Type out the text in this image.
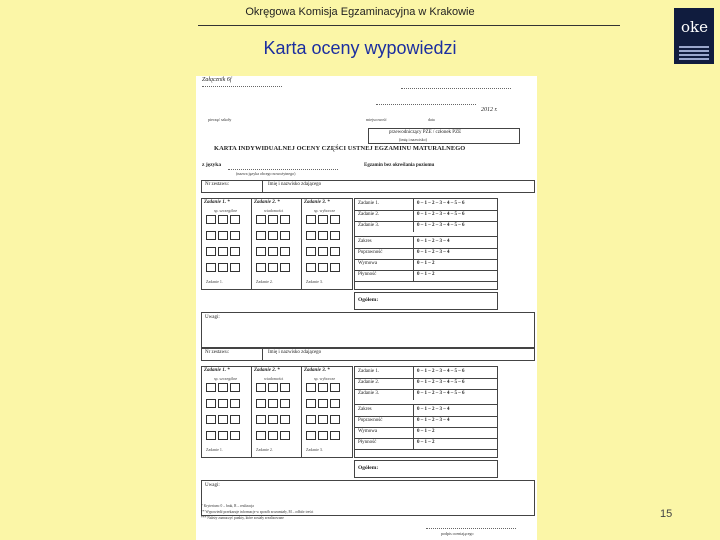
Okręgowa Komisja Egzaminacyjna w Krakowie
Karta oceny wypowiedzi
oke
Załącznik 6f
2012 r.
pieczęć szkoły	miejscowość	data
przewodniczący PZE / członek PZE
(imię i nazwisko)
KARTA INDYWIDUALNEJ OCENY CZĘŚCI USTNEJ EGZAMINU MATURALNEGO
z języka
(nazwa języka obcego nowożytnego)
Egzamin bez określania poziomu
Nr zestawu:	Imię i nazwisko zdającego
Zadanie 1. *
sp. szczególne
Zadanie 1.
Zadanie 2. *
wiadomości
Zadanie 2.
Zadanie 3. *
sp. wyborcze
Zadanie 3.
Zadanie 1.	0 – 1 – 2 – 3 – 4 – 5 – 6
Zadanie 2.	0 – 1 – 2 – 3 – 4 – 5 – 6
Zadanie 3.	0 – 1 – 2 – 3 – 4 – 5 – 6
Zakres	0 – 1 – 2 – 3 – 4
Poprawność	0 – 1 – 2 – 3 – 4
Wymowa	0 – 1 – 2
Płynność	0 – 1 – 2
Ogółem:
Uwagi:
Nr zestawu:	Imię i nazwisko zdającego
Zadanie 1. *
sp. szczególne
Zadanie 1.
Zadanie 2. *
wiadomości
Zadanie 2.
Zadanie 3. *
sp. wyborcze
Zadanie 3.
Zadanie 1.	0 – 1 – 2 – 3 – 4 – 5 – 6
Zadanie 2.	0 – 1 – 2 – 3 – 4 – 5 – 6
Zadanie 3.	0 – 1 – 2 – 3 – 4 – 5 – 6
Zakres	0 – 1 – 2 – 3 – 4
Poprawność	0 – 1 – 2 – 3 – 4
Wymowa	0 – 1 – 2
Płynność	0 – 1 – 2
Ogółem:
Uwagi:
* Kryterium: 0 – brak, R – realizacja
** Wypowiedź przekazuje informacje w sposób zrozumiały, M – odbiór treści
*** Należy zaznaczyć punkty, które zostały zrealizowane
podpis oceniającego
15
